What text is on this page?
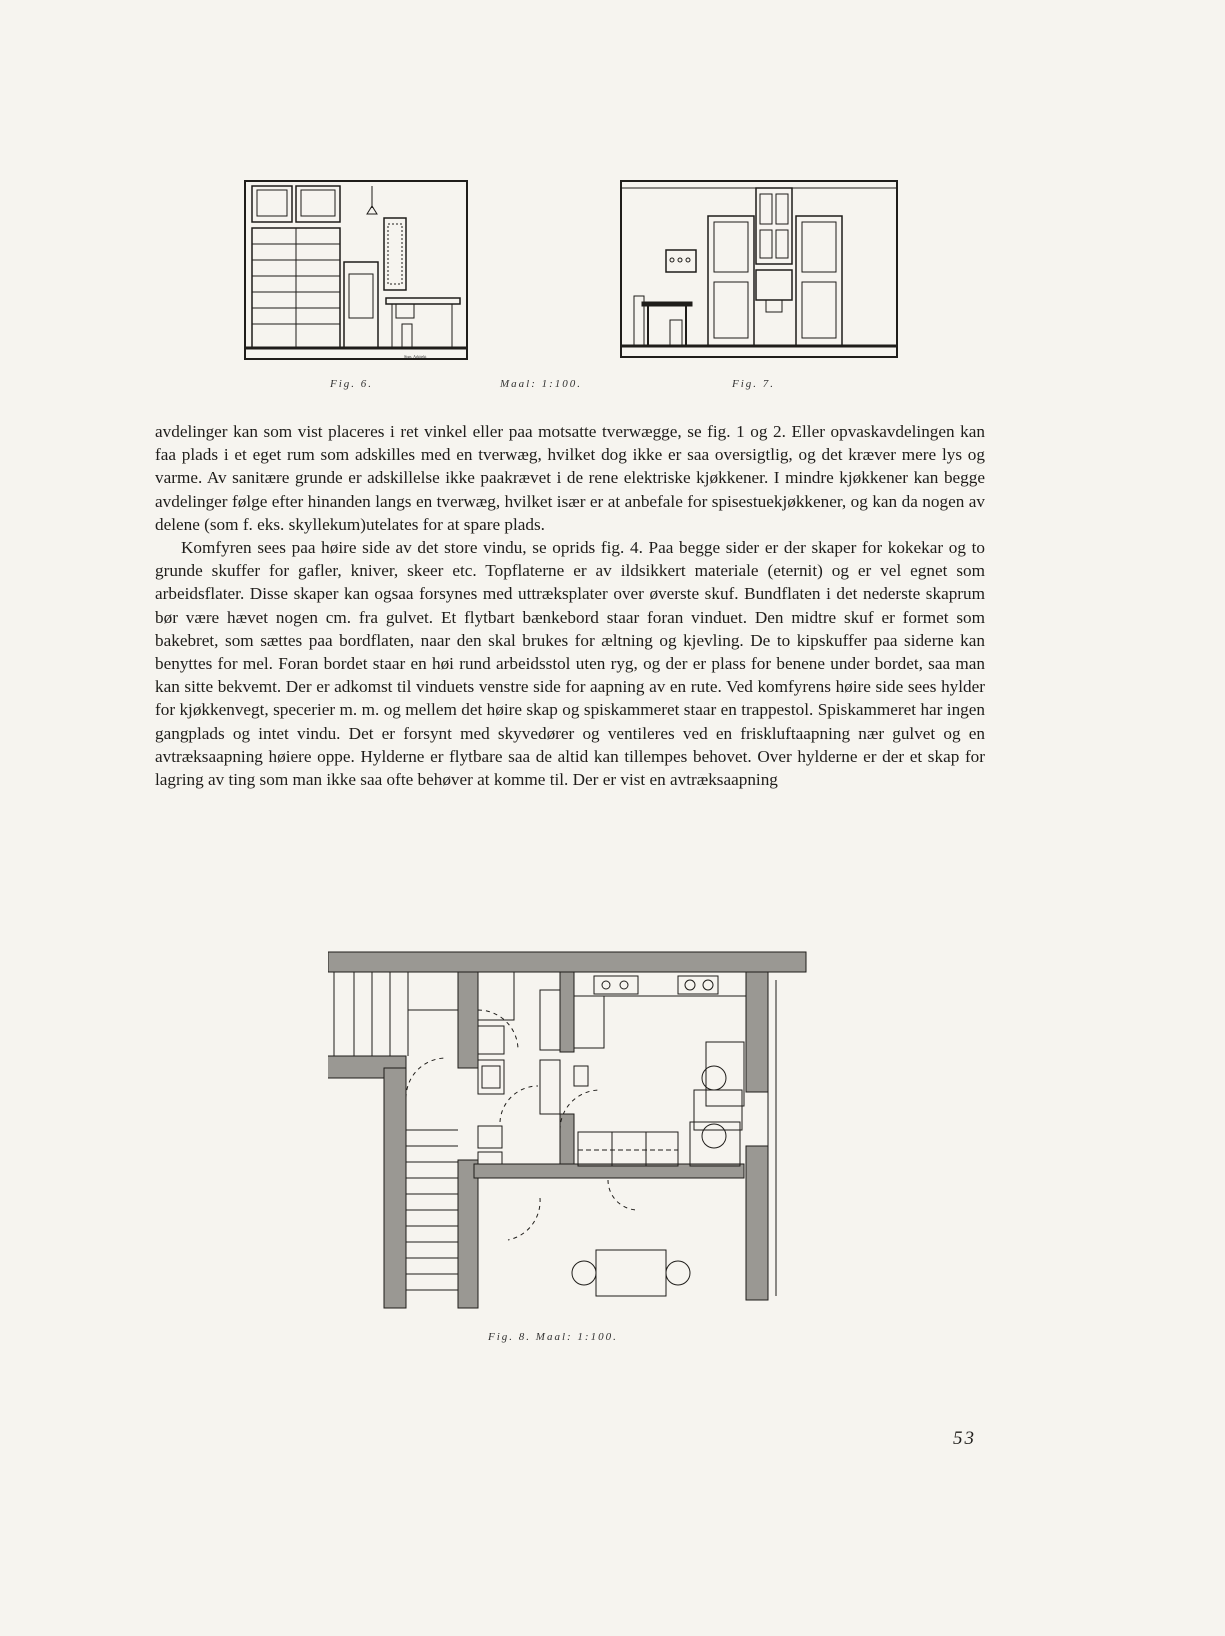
Sign. Arkitekt
Fig. 6.	Maal: 1:100.	Fig. 7.

avdelinger kan som vist placeres i ret vinkel eller paa motsatte tverwægge, se fig. 1 og 2. Eller opvaskavdelingen kan faa plads i et eget rum som adskilles med en tverwæg, hvilket dog ikke er saa oversigtlig, og det kræver mere lys og varme. Av sanitære grunde er adskillelse ikke paakrævet i de rene elektriske kjøkkener. I mindre kjøkkener kan begge avdelinger følge efter hinanden langs en tverwæg, hvilket især er at anbefale for spisestuekjøkkener, og kan da nogen av delene (som f. eks. skyllekum)utelates for at spare plads.

Komfyren sees paa høire side av det store vindu, se oprids fig. 4. Paa begge sider er der skaper for kokekar og to grunde skuffer for gafler, kniver, skeer etc. Topflaterne er av ildsikkert materiale (eternit) og er vel egnet som arbeidsflater. Disse skaper kan ogsaa forsynes med uttræksplater over øverste skuf. Bundflaten i det nederste skaprum bør være hævet nogen cm. fra gulvet. Et flytbart bænkebord staar foran vinduet. Den midtre skuf er formet som bakebret, som sættes paa bordflaten, naar den skal brukes for æltning og kjevling. De to kipskuffer paa siderne kan benyttes for mel. Foran bordet staar en høi rund arbeidsstol uten ryg, og der er plass for benene under bordet, saa man kan sitte bekvemt. Der er adkomst til vinduets venstre side for aapning av en rute. Ved komfyrens høire side sees hylder for kjøkkenvegt, specerier m. m. og mellem det høire skap og spiskammeret staar en trappestol. Spiskammeret har ingen gangplads og intet vindu. Det er forsynt med skyvedører og ventileres ved en friskluftaapning nær gulvet og en avtræksaapning høiere oppe. Hylderne er flytbare saa de altid kan tillempes behovet. Over hylderne er der et skap for lagring av ting som man ikke saa ofte behøver at komme til. Der er vist en avtræksaapning

Fig. 8. Maal: 1:100.
53
